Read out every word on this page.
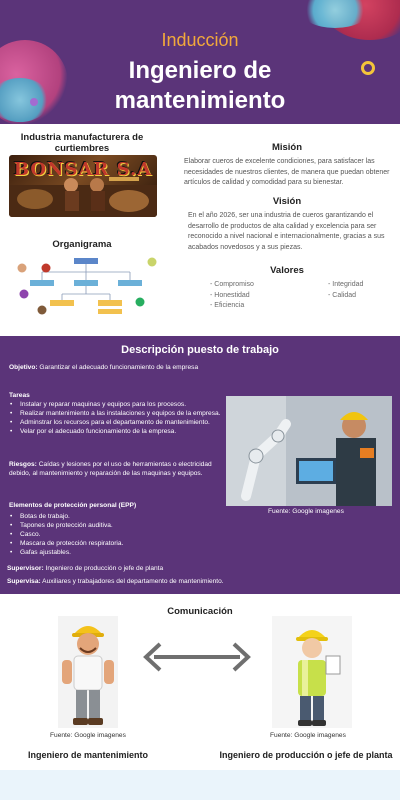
Inducción
Ingeniero de
mantenimiento
Industria manufacturera de curtiembres
BONSAR S.A
Organigrama
Misión
Elaborar cueros de excelente condiciones, para satisfacer las necesidades de nuestros clientes, de manera que puedan obtener artículos de calidad y comodidad para su bienestar.
Visión
En el año 2026, ser una industria de cueros garantizando el desarrollo de productos de alta calidad y excelencia para ser reconocido a nivel nacional e internacionalmente, gracias a sus acabados novedosos y a sus piezas.
Valores
- Compromiso
- Honestidad
- Eficiencia
- Integridad
- Calidad
Descripción puesto de trabajo
Objetivo: Garantizar el adecuado funcionamiento de la empresa
Tareas
• Instalar y reparar maquinas y equipos para los procesos.
• Realizar mantenimiento a las instalaciones y equipos de la empresa.
• Adminstrar los recursos para el departamento de mantenimiento.
• Velar por el adecuado funcionamiento de la empresa.
Riesgos: Caídas y lesiones por el uso de herramientas o electricidad debido, al mantenimiento y reparación de las maquinas y equipos.
Elementos de protección personal (EPP)
• Botas de trabajo.
• Tapones de protección auditiva.
• Casco.
• Mascara de protección respiratoria.
• Gafas ajustables.
Fuente: Google imagenes
Supervisor: Ingeniero de producción o jefe de planta
Supervisa: Auxiliares y trabajadores del departamento de mantenimiento.
Comunicación
Fuente: Google imagenes	Fuente: Google imagenes
Ingeniero de mantenimiento	Ingeniero de producción o jefe de planta
